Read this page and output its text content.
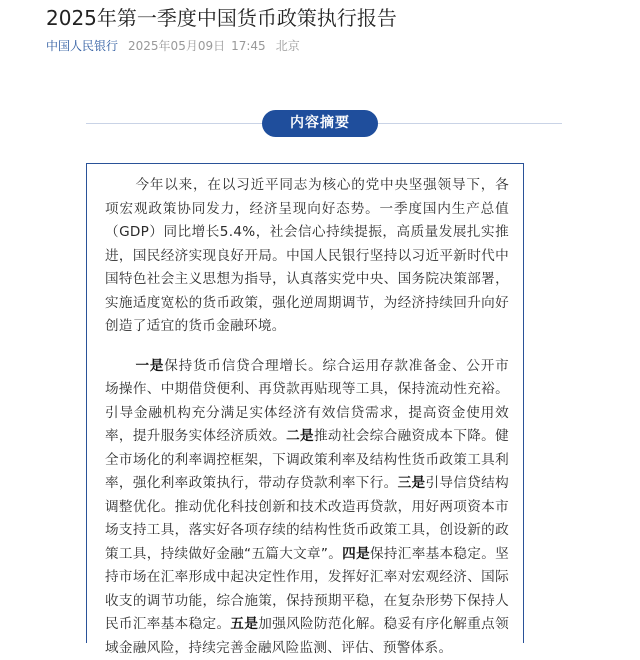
2025年第一季度中国货币政策执行报告
中国人民银行 2025年05月09日 17:45 北京
内容摘要

今年以来，在以习近平同志为核心的党中央坚强领导下，各项宏观政策协同发力，经济呈现向好态势。一季度国内生产总值（GDP）同比增长5.4%，社会信心持续提振，高质量发展扎实推进，国民经济实现良好开局。中国人民银行坚持以习近平新时代中国特色社会主义思想为指导，认真落实党中央、国务院决策部署，实施适度宽松的货币政策，强化逆周期调节，为经济持续回升向好创造了适宜的货币金融环境。

一是保持货币信贷合理增长。综合运用存款准备金、公开市场操作、中期借贷便利、再贷款再贴现等工具，保持流动性充裕。引导金融机构充分满足实体经济有效信贷需求，提高资金使用效率，提升服务实体经济质效。二是推动社会综合融资成本下降。健全市场化的利率调控框架，下调政策利率及结构性货币政策工具利率，强化利率政策执行，带动存贷款利率下行。三是引导信贷结构调整优化。推动优化科技创新和技术改造再贷款，用好两项资本市场支持工具，落实好各项存续的结构性货币政策工具，创设新的政策工具，持续做好金融“五篇大文章”。四是保持汇率基本稳定。坚持市场在汇率形成中起决定性作用，发挥好汇率对宏观经济、国际收支的调节功能，综合施策，保持预期平稳，在复杂形势下保持人民币汇率基本稳定。五是加强风险防范化解。稳妥有序化解重点领域金融风险，持续完善金融风险监测、评估、预警体系。
